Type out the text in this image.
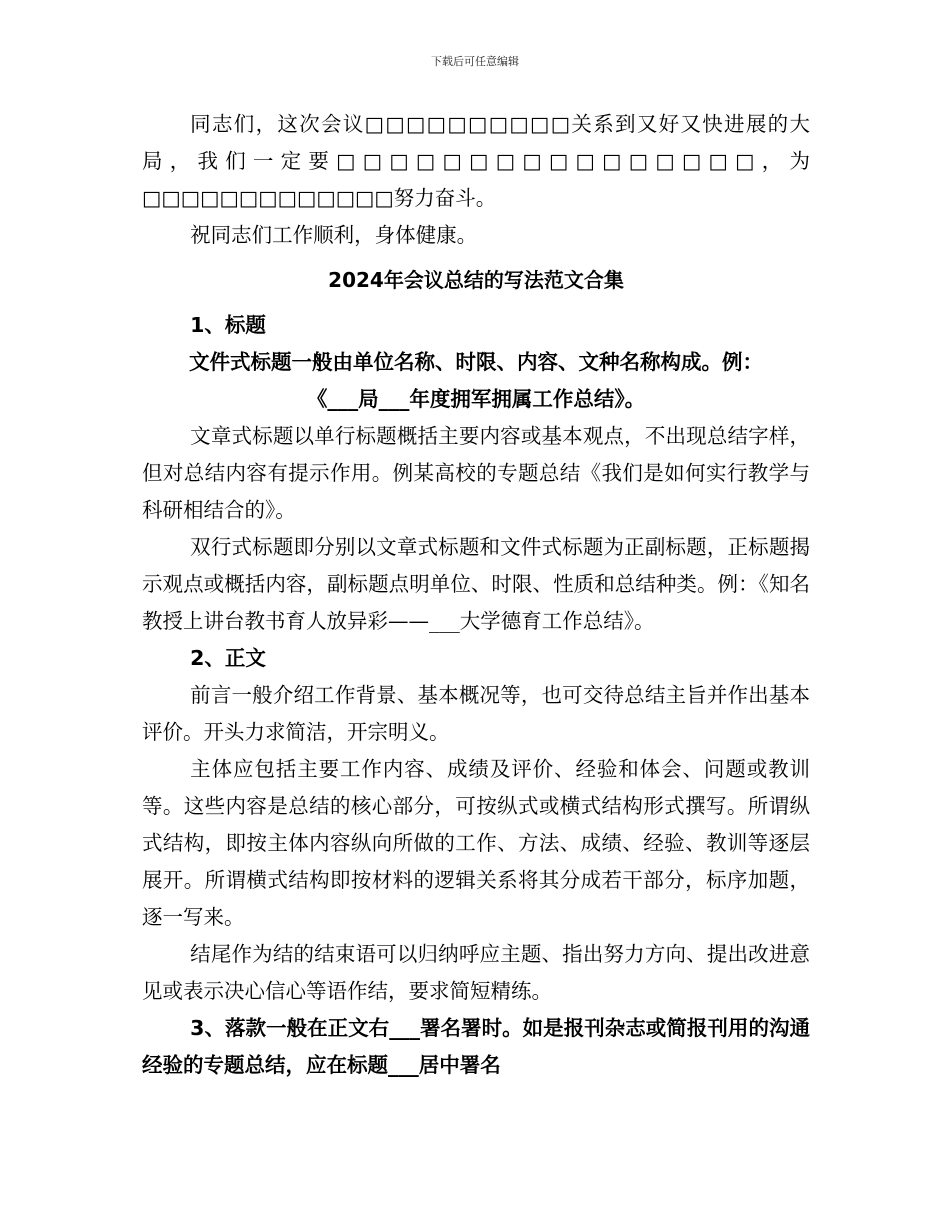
下载后可任意编辑

同志们，这次会议□□□□□□□□□□关系到又好又快进展的大局，我们一定要□□□□□□□□□□□□□□□□，为□□□□□□□□□□□□□努力奋斗。

祝同志们工作顺利，身体健康。

2024年会议总结的写法范文合集
1、标题
文件式标题一般由单位名称、时限、内容、文种名称构成。例：
《___局___年度拥军拥属工作总结》。

文章式标题以单行标题概括主要内容或基本观点，不出现总结字样，但对总结内容有提示作用。例某高校的专题总结《我们是如何实行教学与科研相结合的》。

双行式标题即分别以文章式标题和文件式标题为正副标题，正标题揭示观点或概括内容，副标题点明单位、时限、性质和总结种类。例：《知名教授上讲台教书育人放异彩——___大学德育工作总结》。

2、正文

前言一般介绍工作背景、基本概况等，也可交待总结主旨并作出基本评价。开头力求简洁，开宗明义。

主体应包括主要工作内容、成绩及评价、经验和体会、问题或教训等。这些内容是总结的核心部分，可按纵式或横式结构形式撰写。所谓纵式结构，即按主体内容纵向所做的工作、方法、成绩、经验、教训等逐层展开。所谓横式结构即按材料的逻辑关系将其分成若干部分，标序加题，逐一写来。

结尾作为结的结束语可以归纳呼应主题、指出努力方向、提出改进意见或表示决心信心等语作结，要求简短精练。

3、落款一般在正文右___署名署时。如是报刊杂志或简报刊用的沟通经验的专题总结，应在标题___居中署名
